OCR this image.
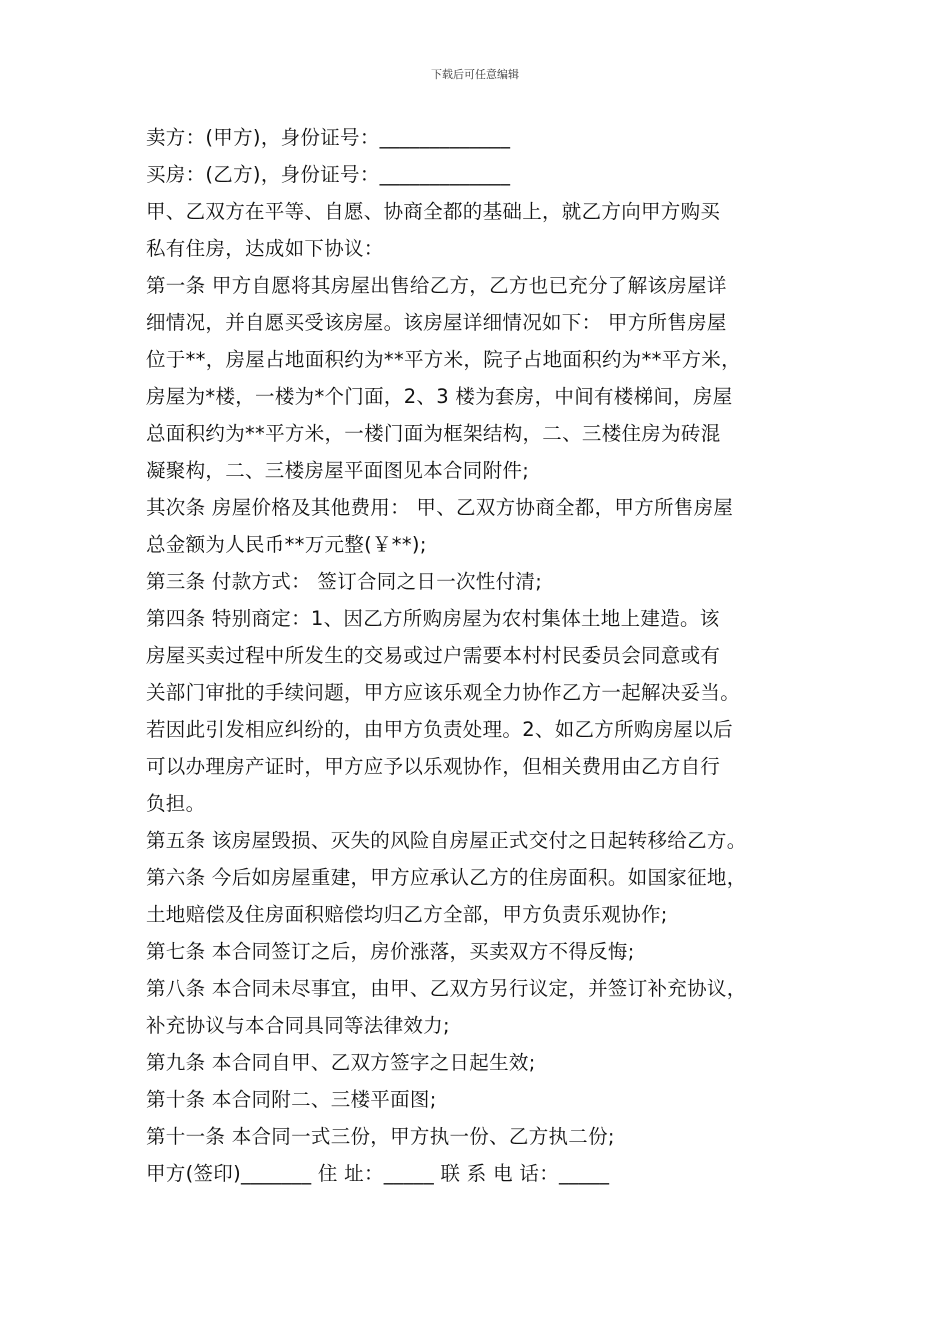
下载后可任意编辑
卖方：(甲方)，身份证号：_____________
买房：(乙方)，身份证号：_____________
甲、乙双方在平等、自愿、协商全都的基础上，就乙方向甲方购买
私有住房，达成如下协议：
第一条 甲方自愿将其房屋出售给乙方，乙方也已充分了解该房屋详
细情况，并自愿买受该房屋。该房屋详细情况如下： 甲方所售房屋
位于**，房屋占地面积约为**平方米，院子占地面积约为**平方米，
房屋为*楼，一楼为*个门面，2、3 楼为套房，中间有楼梯间，房屋
总面积约为**平方米，一楼门面为框架结构，二、三楼住房为砖混
凝聚构，二、三楼房屋平面图见本合同附件;
其次条 房屋价格及其他费用： 甲、乙双方协商全都，甲方所售房屋
总金额为人民币**万元整(￥**);
第三条 付款方式： 签订合同之日一次性付清;
第四条 特别商定：1、因乙方所购房屋为农村集体土地上建造。该
房屋买卖过程中所发生的交易或过户需要本村村民委员会同意或有
关部门审批的手续问题，甲方应该乐观全力协作乙方一起解决妥当。
若因此引发相应纠纷的，由甲方负责处理。2、如乙方所购房屋以后
可以办理房产证时，甲方应予以乐观协作，但相关费用由乙方自行
负担。
第五条 该房屋毁损、灭失的风险自房屋正式交付之日起转移给乙方。
第六条 今后如房屋重建，甲方应承认乙方的住房面积。如国家征地，
土地赔偿及住房面积赔偿均归乙方全部，甲方负责乐观协作;
第七条 本合同签订之后，房价涨落，买卖双方不得反悔;
第八条 本合同未尽事宜，由甲、乙双方另行议定，并签订补充协议，
补充协议与本合同具同等法律效力;
第九条 本合同自甲、乙双方签字之日起生效;
第十条 本合同附二、三楼平面图;
第十一条 本合同一式三份，甲方执一份、乙方执二份;
甲方(签印)_______ 住 址：_____ 联 系 电 话：_____
